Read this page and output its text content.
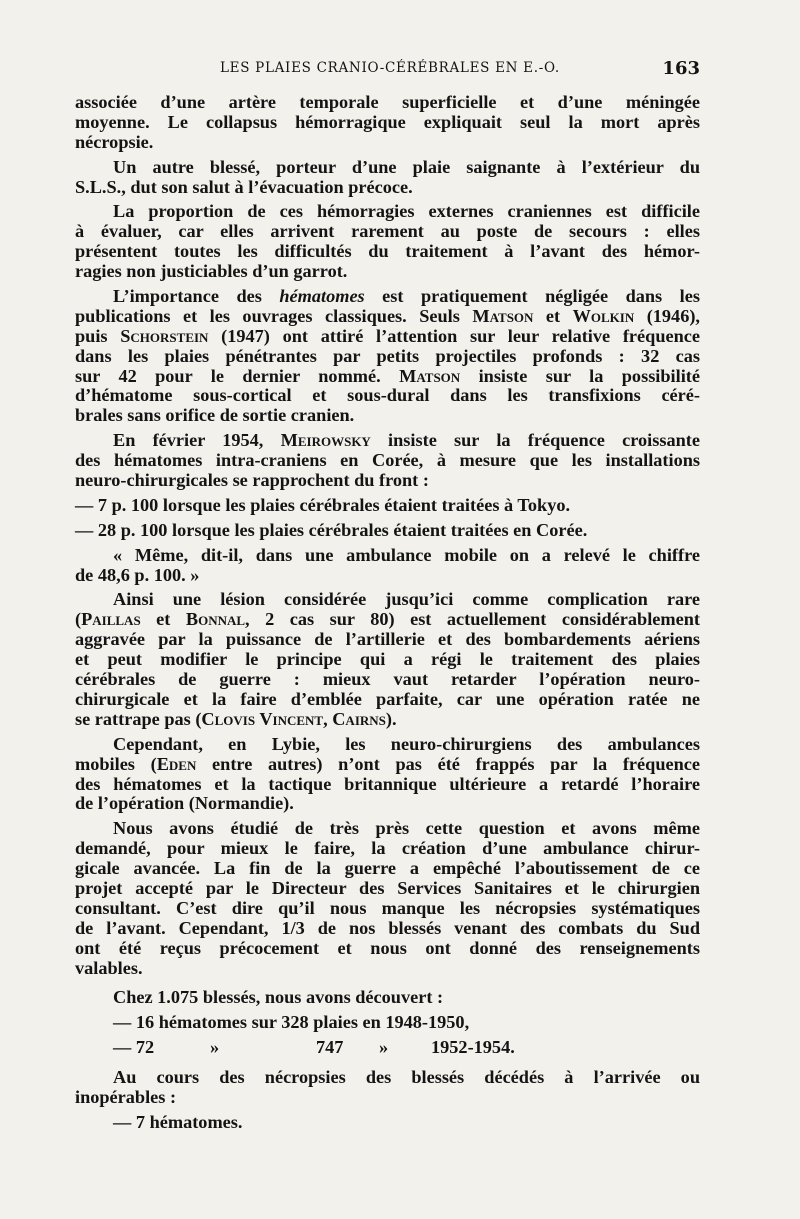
LES PLAIES CRANIO-CÉRÉBRALES EN E.-O.	163
associée d’une artère temporale superficielle et d’une méningée
moyenne. Le collapsus hémorragique expliquait seul la mort après
nécropsie.
Un autre blessé, porteur d’une plaie saignante à l’extérieur du
S.L.S., dut son salut à l’évacuation précoce.
La proportion de ces hémorragies externes craniennes est difficile
à évaluer, car elles arrivent rarement au poste de secours : elles
présentent toutes les difficultés du traitement à l’avant des hémor-
ragies non justiciables d’un garrot.
L’importance des hématomes est pratiquement négligée dans les
publications et les ouvrages classiques. Seuls Matson et Wolkin (1946),
puis Schorstein (1947) ont attiré l’attention sur leur relative fréquence
dans les plaies pénétrantes par petits projectiles profonds : 32 cas
sur 42 pour le dernier nommé. Matson insiste sur la possibilité
d’hématome sous-cortical et sous-dural dans les transfixions céré-
brales sans orifice de sortie cranien.
En février 1954, Meirowsky insiste sur la fréquence croissante
des hématomes intra-craniens en Corée, à mesure que les installations
neuro-chirurgicales se rapprochent du front :
— 7 p. 100 lorsque les plaies cérébrales étaient traitées à Tokyo.
— 28 p. 100 lorsque les plaies cérébrales étaient traitées en Corée.
« Même, dit-il, dans une ambulance mobile on a relevé le chiffre
de 48,6 p. 100. »
Ainsi une lésion considérée jusqu’ici comme complication rare
(Paillas et Bonnal, 2 cas sur 80) est actuellement considérablement
aggravée par la puissance de l’artillerie et des bombardements aériens
et peut modifier le principe qui a régi le traitement des plaies
cérébrales de guerre : mieux vaut retarder l’opération neuro-
chirurgicale et la faire d’emblée parfaite, car une opération ratée ne
se rattrape pas (Clovis Vincent, Cairns).
Cependant, en Lybie, les neuro-chirurgiens des ambulances
mobiles (Eden entre autres) n’ont pas été frappés par la fréquence
des hématomes et la tactique britannique ultérieure a retardé l’horaire
de l’opération (Normandie).
Nous avons étudié de très près cette question et avons même
demandé, pour mieux le faire, la création d’une ambulance chirur-
gicale avancée. La fin de la guerre a empêché l’aboutissement de ce
projet accepté par le Directeur des Services Sanitaires et le chirurgien
consultant. C’est dire qu’il nous manque les nécropsies systématiques
de l’avant. Cependant, 1/3 de nos blessés venant des combats du Sud
ont été reçus précocement et nous ont donné des renseignements
valables.
Chez 1.075 blessés, nous avons découvert :
— 16 hématomes sur 328 plaies en 1948-1950,
— 72	»	747 » 1952-1954.
Au cours des nécropsies des blessés décédés à l’arrivée ou
inopérables :
— 7 hématomes.
